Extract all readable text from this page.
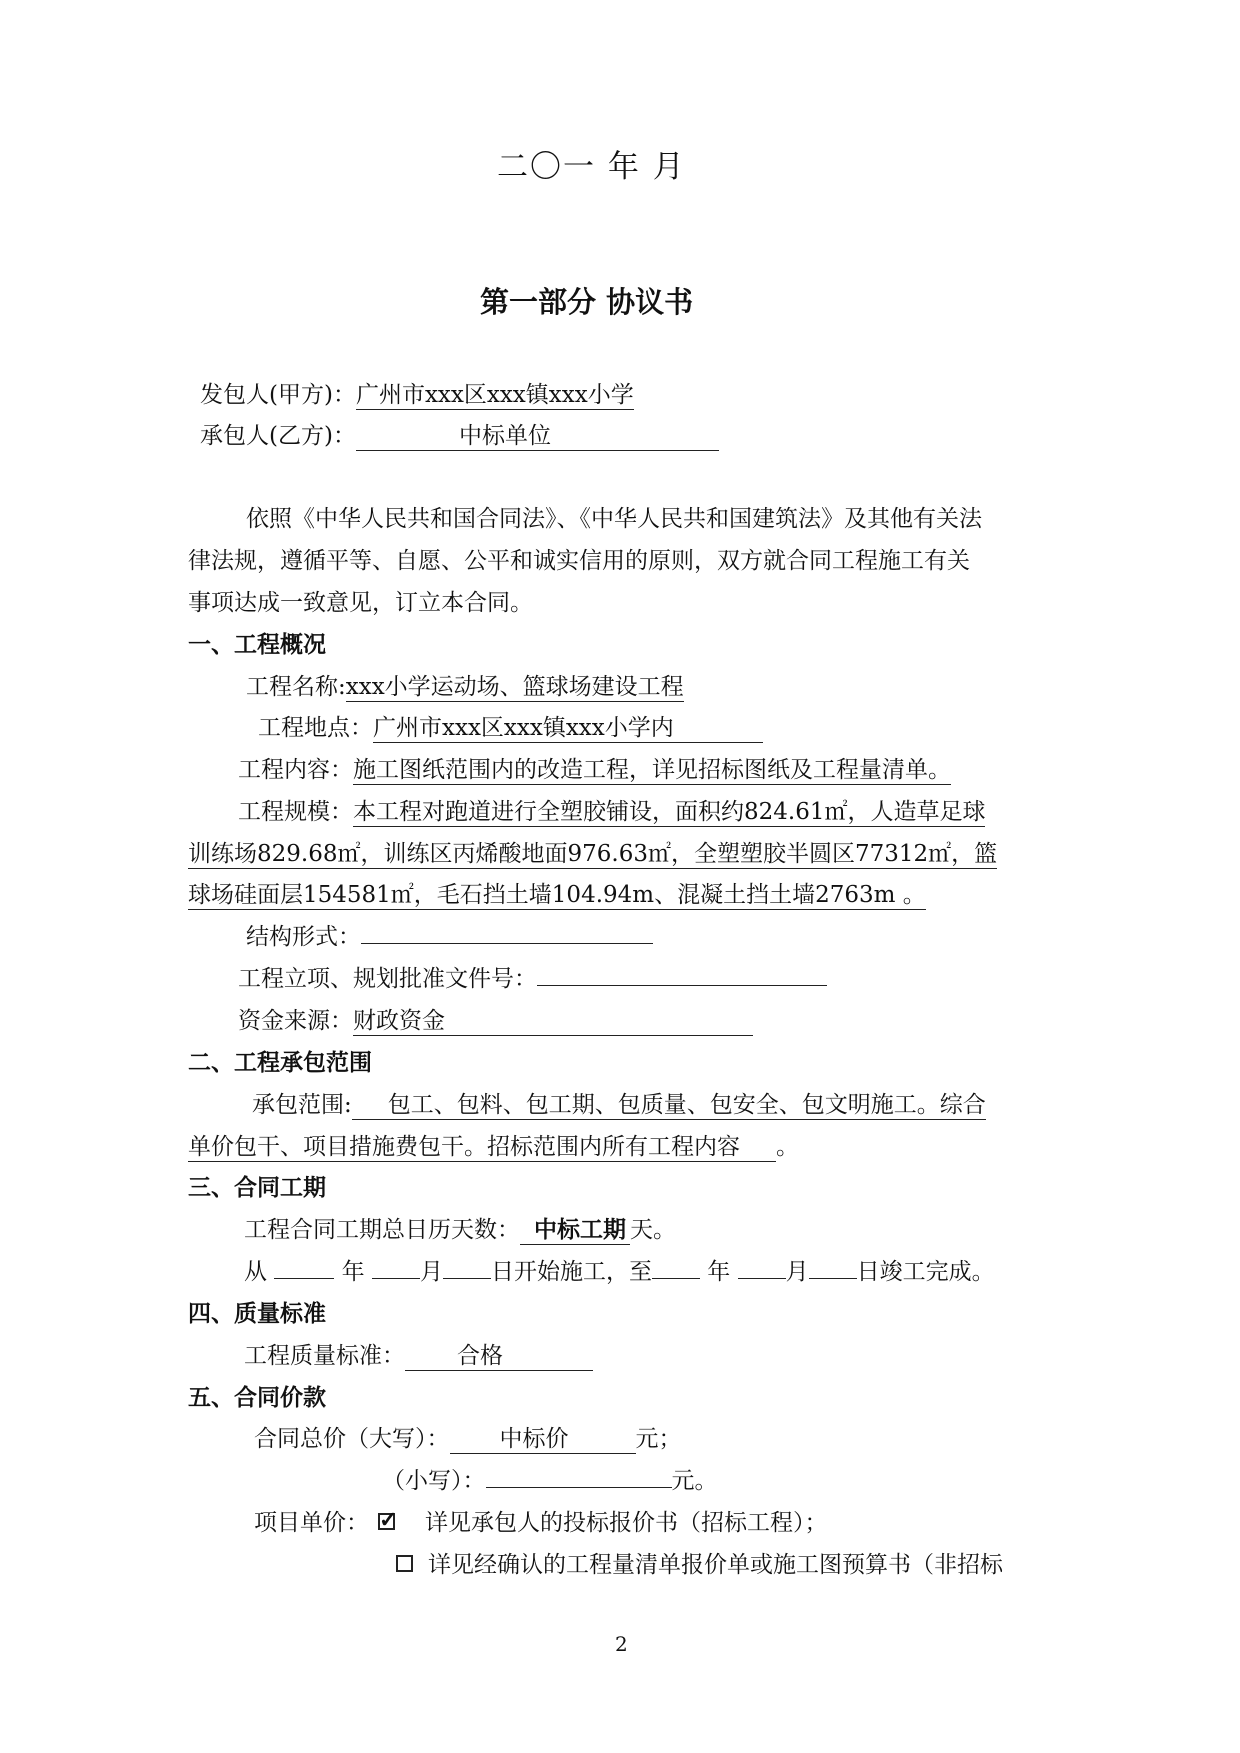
二〇一 年 月
第一部分 协议书
发包人(甲方)：广州市xxx区xxx镇xxx小学
承包人(乙方)：	中标单位
依照《中华人民共和国合同法》、《中华人民共和国建筑法》及其他有关法
律法规，遵循平等、自愿、公平和诚实信用的原则，双方就合同工程施工有关
事项达成一致意见，订立本合同。
一、工程概况
工程名称:xxx小学运动场、篮球场建设工程
工程地点：广州市xxx区xxx镇xxx小学内
工程内容：施工图纸范围内的改造工程，详见招标图纸及工程量清单。
工程规模：本工程对跑道进行全塑胶铺设，面积约824.61㎡，人造草足球
训练场829.68㎡，训练区丙烯酸地面976.63㎡，全塑塑胶半圆区77312㎡，篮
球场硅面层154581㎡，毛石挡土墙104.94m、混凝土挡土墙2763m 。
结构形式：
工程立项、规划批准文件号：
资金来源：财政资金
二、工程承包范围
承包范围: 包工、包料、包工期、包质量、包安全、包文明施工。综合
单价包干、项目措施费包干。招标范围内所有工程内容 。
三、合同工期
工程合同工期总日历天数： 中标工期 天。
从	年 月 日开始施工，至 年 月 日竣工完成。
四、质量标准
工程质量标准： 合格
五、合同价款
合同总价（大写）： 中标价	元；
（小写）：	元。
项目单价： ✓ 详见承包人的投标报价书（招标工程）；
详见经确认的工程量清单报价单或施工图预算书（非招标
2
